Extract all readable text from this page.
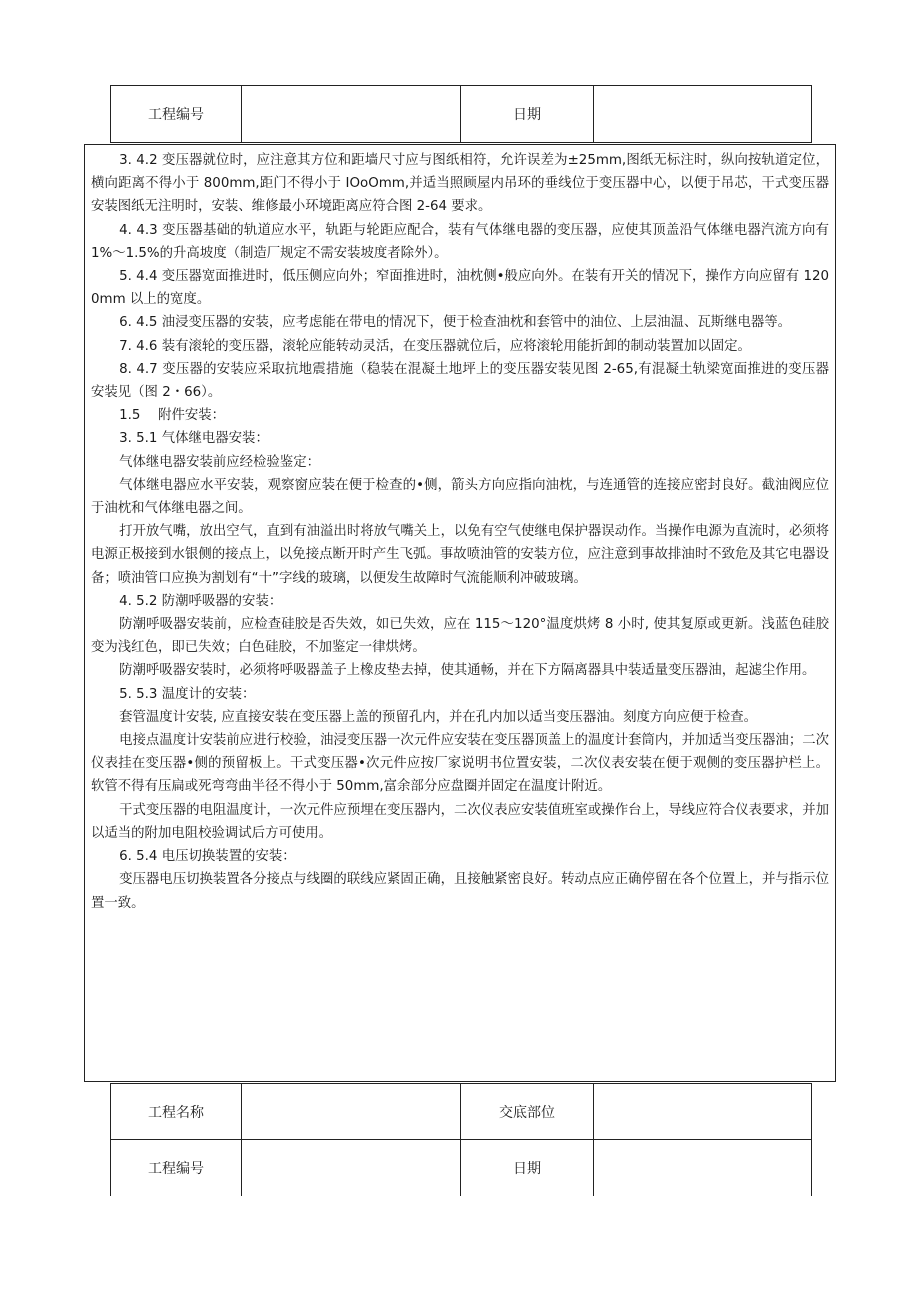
工程编号		日期	

3. 4.2 变压器就位时，应注意其方位和距墙尺寸应与图纸相符，允许误差为±25mm,图纸无标注时，纵向按轨道定位，横向距离不得小于 800mm,距门不得小于 IOoOmm,并适当照顾屋内吊环的垂线位于变压器中心，以便于吊芯，干式变压器安装图纸无注明时，安装、维修最小环境距离应符合图 2-64 要求。

4. 4.3 变压器基础的轨道应水平，轨距与轮距应配合，装有气体继电器的变压器，应使其顶盖沿气体继电器汽流方向有 1%～1.5%的升高坡度（制造厂规定不需安装坡度者除外）。

5. 4.4 变压器宽面推进时，低压侧应向外；窄面推进时，油枕侧•般应向外。在装有开关的情况下，操作方向应留有 1200mm 以上的宽度。

6. 4.5 油浸变压器的安装，应考虑能在带电的情况下，便于检查油枕和套管中的油位、上层油温、瓦斯继电器等。

7. 4.6 装有滚轮的变压器，滚轮应能转动灵活，在变压器就位后，应将滚轮用能折卸的制动装置加以固定。

8. 4.7 变压器的安装应采取抗地震措施（稳装在混凝土地坪上的变压器安装见图 2-65,有混凝土轨梁宽面推进的变压器安装见（图 2・66）。

1.5　 附件安装：

3. 5.1 气体继电器安装：

气体继电器安装前应经检验鉴定：

气体继电器应水平安装，观察窗应装在便于检查的•侧，箭头方向应指向油枕，与连通管的连接应密封良好。截油阀应位于油枕和气体继电器之间。

打开放气嘴，放出空气，直到有油溢出时将放气嘴关上，以免有空气使继电保护器误动作。当操作电源为直流时，必须将电源正极接到水银侧的接点上，以免接点断开时产生飞弧。事故喷油管的安装方位，应注意到事故排油时不致危及其它电器设备；喷油管口应换为割划有“十”字线的玻璃，以便发生故障时气流能顺利冲破玻璃。

4. 5.2 防潮呼吸器的安装：

防潮呼吸器安装前，应检查硅胶是否失效，如已失效，应在 115～120°温度烘烤 8 小时, 使其复原或更新。浅蓝色硅胶变为浅红色，即已失效；白色硅胶，不加鉴定一律烘烤。

防潮呼吸器安装时，必须将呼吸器盖子上橡皮垫去掉，使其通畅，并在下方隔离器具中装适量变压器油，起滤尘作用。

5. 5.3 温度计的安装：

套管温度计安装, 应直接安装在变压器上盖的预留孔内，并在孔内加以适当变压器油。刻度方向应便于检查。

电接点温度计安装前应进行校验，油浸变压器一次元件应安装在变压器顶盖上的温度计套筒内，并加适当变压器油；二次仪表挂在变压器•侧的预留板上。干式变压器•次元件应按厂家说明书位置安装，二次仪表安装在便于观侧的变压器护栏上。软管不得有压扁或死弯弯曲半径不得小于 50mm,富余部分应盘圈并固定在温度计附近。

干式变压器的电阻温度计，一次元件应预埋在变压器内，二次仪表应安装值班室或操作台上，导线应符合仪表要求，并加以适当的附加电阻校验调试后方可使用。

6. 5.4 电压切换装置的安装：

变压器电压切换装置各分接点与线圈的联线应紧固正确，且接触紧密良好。转动点应正确停留在各个位置上，并与指示位置一致。

工程名称		交底部位	
工程编号		日期	
